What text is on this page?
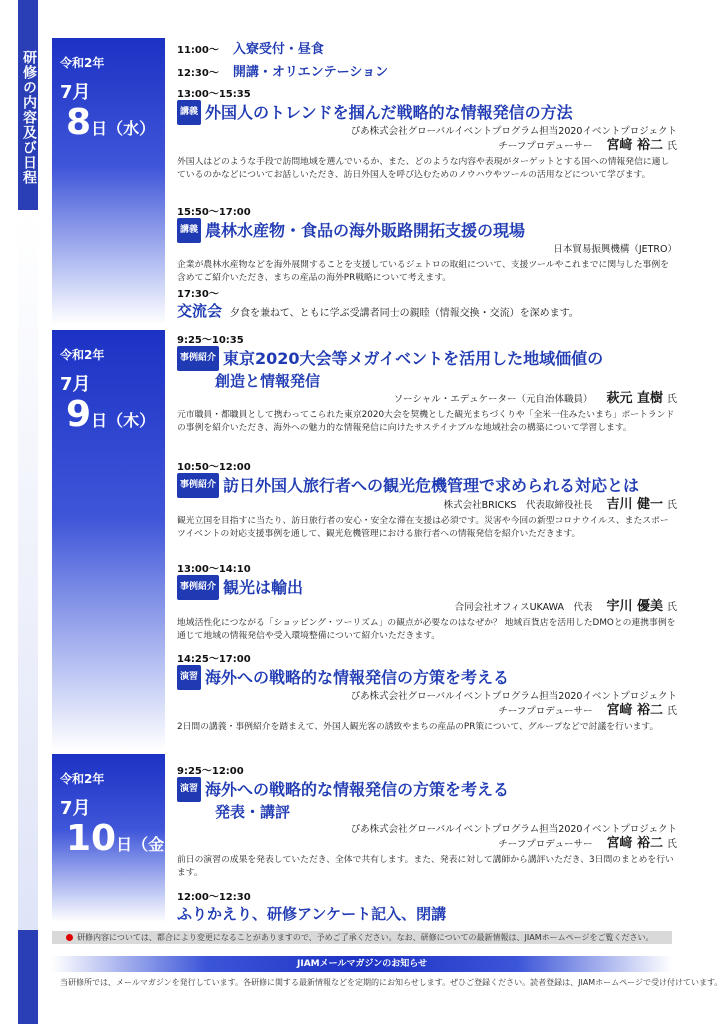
研修の内容及び日程 令和2年
7月
8日（水）
令和2年
7月
9日（木）
令和2年
7月
10日（金）
11:00〜 入寮受付・昼食
12:30〜 開講・オリエンテーション
13:00〜15:35
講義 外国人のトレンドを掴んだ戦略的な情報発信の方法
ぴあ株式会社グローバルイベントプログラム担当2020イベントプロジェクト
チーフプロデューサー 宮﨑 裕二 氏
外国人はどのような手段で訪問地域を選んでいるか、また、どのような内容や表現がターゲットとする国への情報発信に適しているのかなどについてお話しいただき、訪日外国人を呼び込むためのノウハウやツールの活用などについて学びます。
15:50〜17:00
講義 農林水産物・食品の海外販路開拓支援の現場
日本貿易振興機構（JETRO）
企業が農林水産物などを海外展開することを支援しているジェトロの取組について、支援ツールやこれまでに関与した事例を含めてご紹介いただき、まちの産品の海外PR戦略について考えます。
17:30〜
交流会 夕食を兼ねて、ともに学ぶ受講者同士の親睦（情報交換・交流）を深めます。
9:25〜10:35
事例紹介 東京2020大会等メガイベントを活用した地域価値の
創造と情報発信
ソーシャル・エデュケーター（元自治体職員） 萩元 直樹 氏
元市職員・都職員として携わってこられた東京2020大会を契機とした観光まちづくりや「全米一住みたいまち」ポートランドの事例を紹介いただき、海外への魅力的な情報発信に向けたサステイナブルな地域社会の構築について学習します。
10:50〜12:00
事例紹介 訪日外国人旅行者への観光危機管理で求められる対応とは
株式会社BRICKS　代表取締役社長 吉川 健一 氏
観光立国を目指すに当たり、訪日旅行者の安心・安全な滞在支援は必須です。災害や今回の新型コロナウイルス、またスポーツイベントの対応支援事例を通して、観光危機管理における旅行者への情報発信を紹介いただきます。
13:00〜14:10
事例紹介 観光は輸出
合同会社オフィスUKAWA　代表 宇川 優美 氏
地域活性化につながる「ショッピング・ツーリズム」の観点が必要なのはなぜか？ 地域百貨店を活用したDMOとの連携事例を通じて地域の情報発信や受入環境整備について紹介いただきます。
14:25〜17:00
演習 海外への戦略的な情報発信の方策を考える
ぴあ株式会社グローバルイベントプログラム担当2020イベントプロジェクト
チーフプロデューサー 宮﨑 裕二 氏
2日間の講義・事例紹介を踏まえて、外国人観光客の誘致やまちの産品のPR策について、グループなどで討議を行います。
9:25〜12:00
演習 海外への戦略的な情報発信の方策を考える
発表・講評
ぴあ株式会社グローバルイベントプログラム担当2020イベントプロジェクト
チーフプロデューサー 宮﨑 裕二 氏
前日の演習の成果を発表していただき、全体で共有します。また、発表に対して講師から講評いただき、3日間のまとめを行います。
12:00〜12:30
ふりかえり、研修アンケート記入、閉講
研修内容については、都合により変更になることがありますので、予めご了承ください。なお、研修についての最新情報は、JIAMホームページをご覧ください。
JIAMメールマガジンのお知らせ
当研修所では、メールマガジンを発行しています。各研修に関する最新情報などを定期的にお知らせします。ぜひご登録ください。読者登録は、JIAMホームページで受け付けています。
